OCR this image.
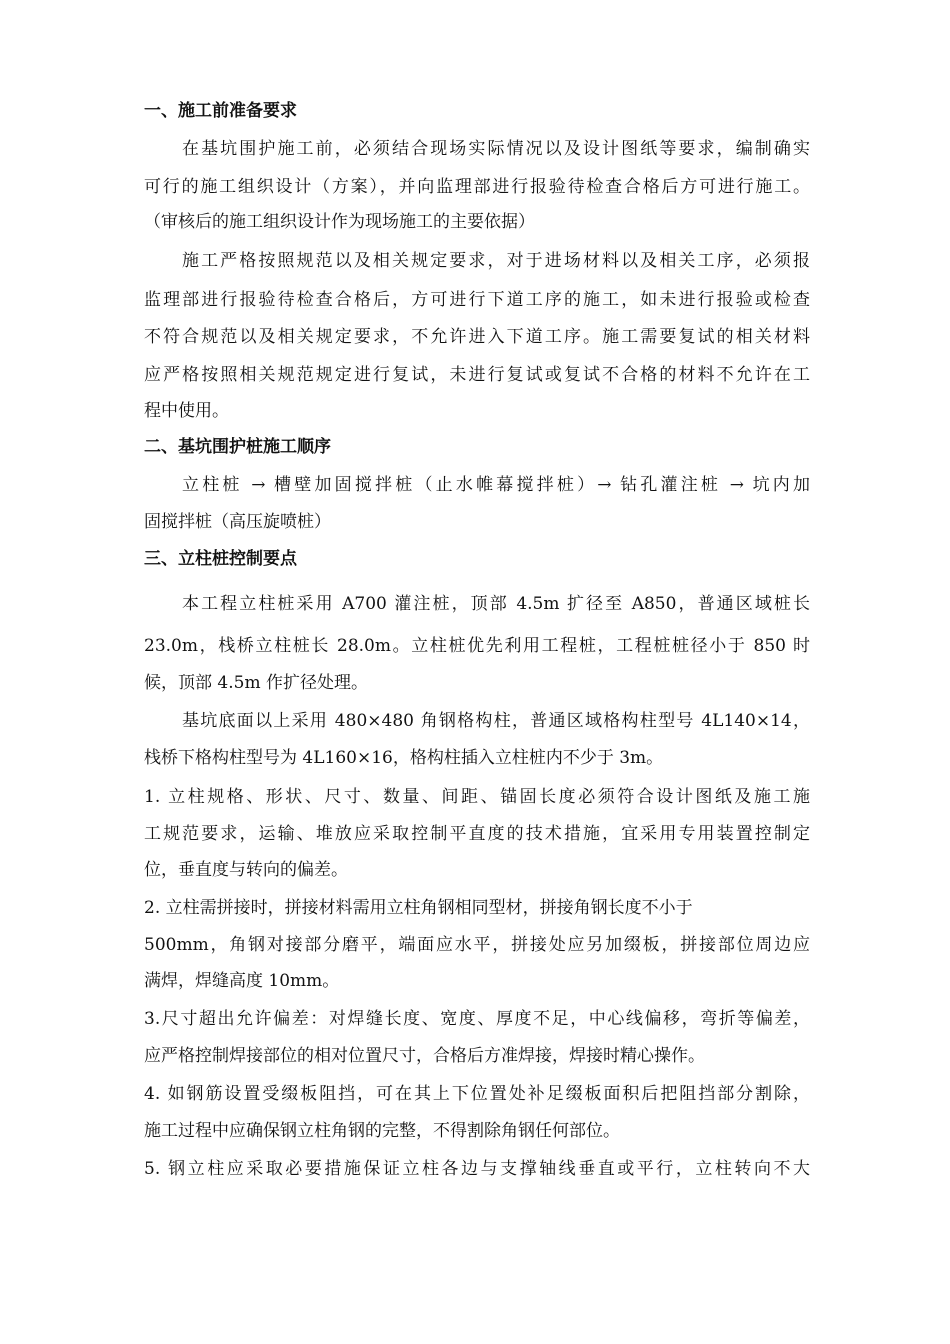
一、施工前准备要求
在基坑围护施工前，必须结合现场实际情况以及设计图纸等要求，编制确实
可行的施工组织设计（方案），并向监理部进行报验待检查合格后方可进行施工。
（审核后的施工组织设计作为现场施工的主要依据）
施工严格按照规范以及相关规定要求，对于进场材料以及相关工序，必须报
监理部进行报验待检查合格后，方可进行下道工序的施工，如未进行报验或检查
不符合规范以及相关规定要求，不允许进入下道工序。施工需要复试的相关材料
应严格按照相关规范规定进行复试，未进行复试或复试不合格的材料不允许在工
程中使用。
二、基坑围护桩施工顺序
立柱桩 → 槽壁加固搅拌桩（止水帷幕搅拌桩）→ 钻孔灌注桩 → 坑内加
固搅拌桩（高压旋喷桩）
三、立柱桩控制要点
本工程立柱桩采用 A700 灌注桩，顶部 4.5m 扩径至 A850，普通区域桩长
23.0m，栈桥立柱桩长 28.0m。立柱桩优先利用工程桩，工程桩桩径小于 850 时
候，顶部 4.5m 作扩径处理。
基坑底面以上采用 480×480 角钢格构柱，普通区域格构柱型号 4L140×14，
栈桥下格构柱型号为 4L160×16，格构柱插入立柱桩内不少于 3m。
1. 立柱规格、形状、尺寸、数量、间距、锚固长度必须符合设计图纸及施工施
工规范要求，运输、堆放应采取控制平直度的技术措施，宜采用专用装置控制定
位，垂直度与转向的偏差。
2. 立柱需拼接时，拼接材料需用立柱角钢相同型材，拼接角钢长度不小于
500mm，角钢对接部分磨平，端面应水平，拼接处应另加缀板，拼接部位周边应
满焊，焊缝高度 10mm。
3.尺寸超出允许偏差：对焊缝长度、宽度、厚度不足，中心线偏移，弯折等偏差，
应严格控制焊接部位的相对位置尺寸，合格后方准焊接，焊接时精心操作。
4. 如钢筋设置受缀板阻挡，可在其上下位置处补足缀板面积后把阻挡部分割除，
施工过程中应确保钢立柱角钢的完整，不得割除角钢任何部位。
5. 钢立柱应采取必要措施保证立柱各边与支撑轴线垂直或平行，立柱转向不大
